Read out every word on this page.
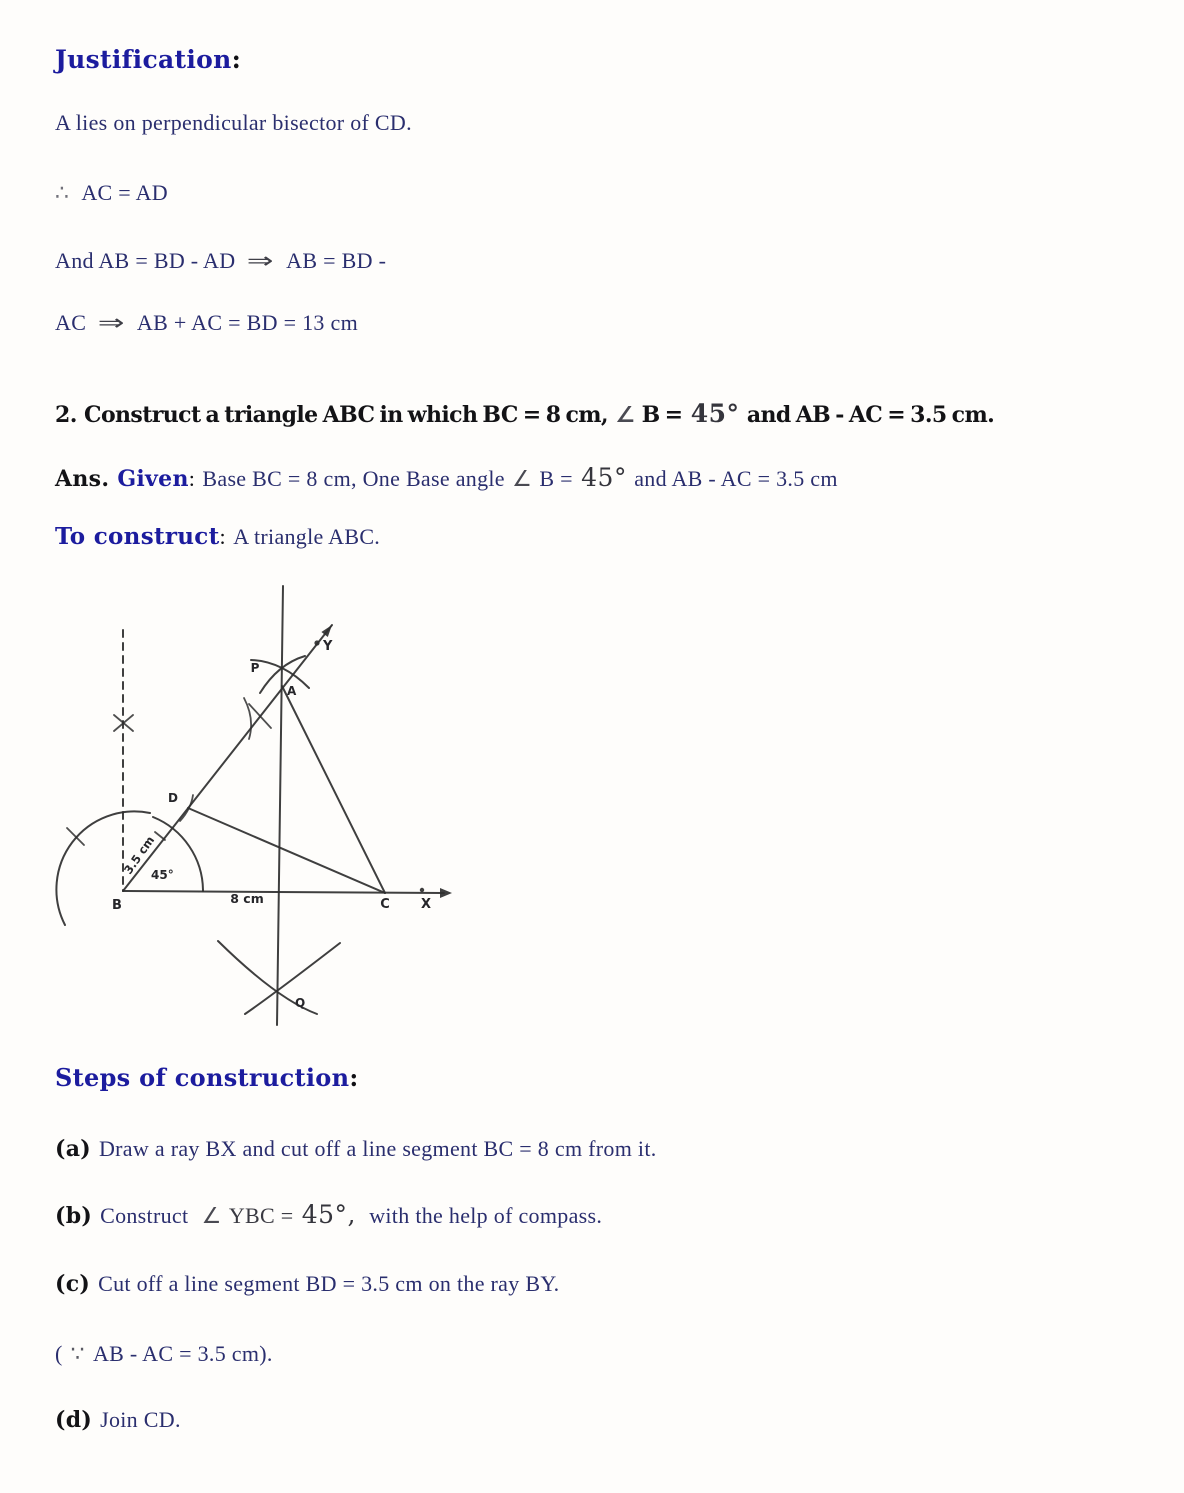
Justification:
A lies on perpendicular bisector of CD.
∴ AC = AD
And AB = BD - AD ⇒ AB = BD -
AC ⇒ AB + AC = BD = 13 cm
2. Construct a triangle ABC in which BC = 8 cm, ∠ B = 45° and AB - AC = 3.5 cm.
Ans. Given: Base BC = 8 cm, One Base angle ∠ B = 45° and AB - AC = 3.5 cm
To construct: A triangle ABC.
B	C X
Y
A
P
D
Q
8 cm
45°
3.5 cm
Steps of construction:
(a) Draw a ray BX and cut off a line segment BC = 8 cm from it.
(b) Construct ∠ YBC = 45°, with the help of compass.
(c) Cut off a line segment BD = 3.5 cm on the ray BY.
( ∵ AB - AC = 3.5 cm).
(d) Join CD.
